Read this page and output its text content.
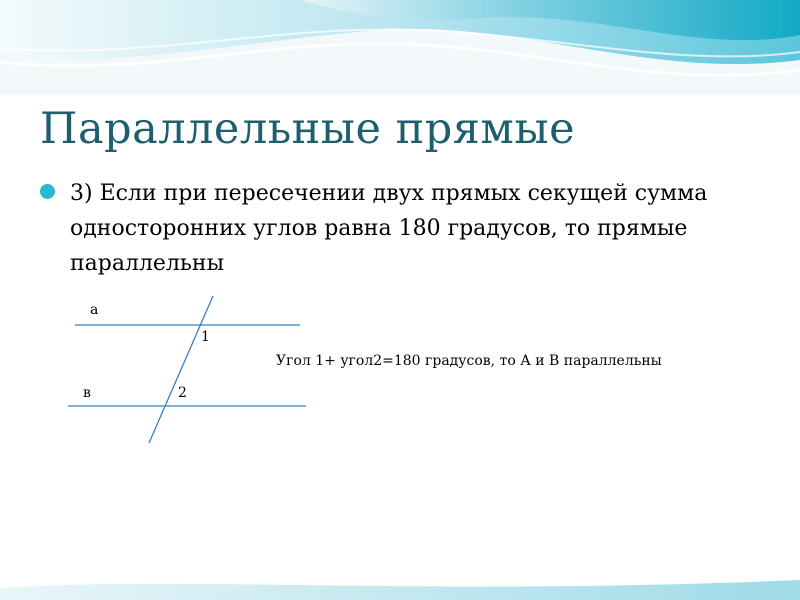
Параллельные прямые

3) Если при пересечении двух прямых секущей сумма односторонних углов равна 180 градусов, то прямые параллельны

а
1
в	2
Угол 1+ угол2=180 градусов, то А и В параллельны
